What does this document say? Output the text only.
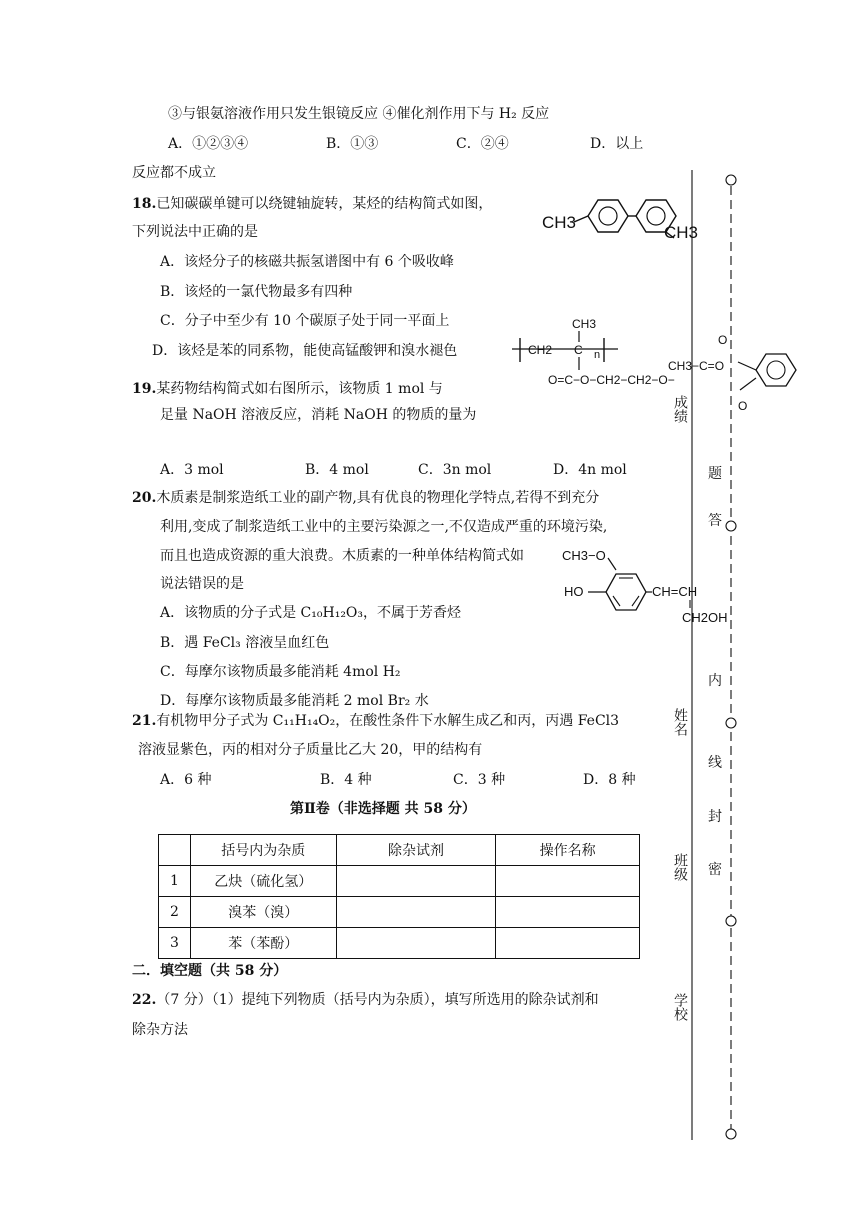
③与银氨溶液作用只发生银镜反应 ④催化剂作用下与 H₂ 反应
A．①②③④	B．①③	C．②④	D．以上
反应都不成立
18.已知碳碳单键可以绕键轴旋转，某烃的结构简式如图，
下列说法中正确的是
A．该烃分子的核磁共振氢谱图中有 6 个吸收峰
B．该烃的一氯代物最多有四种
C．分子中至少有 10 个碳原子处于同一平面上
D．该烃是苯的同系物，能使高锰酸钾和溴水褪色
CH3
CH3
19.某药物结构简式如右图所示，该物质 1 mol 与
足量 NaOH 溶液反应，消耗 NaOH 的物质的量为
A．3 mol	B．4 mol	C．3n mol	D．4n mol
CH3
CH2 C n
O=C−O−CH2−CH2−O−
CH3−C=O
O
O
20.木质素是制浆造纸工业的副产物,具有优良的物理化学特点,若得不到充分
利用,变成了制浆造纸工业中的主要污染源之一,不仅造成严重的环境污染,
而且也造成资源的重大浪费。木质素的一种单体结构简式如
说法错误的是
A．该物质的分子式是 C₁₀H₁₂O₃，不属于芳香烃
B．遇 FeCl₃ 溶液呈血红色
C．每摩尔该物质最多能消耗 4mol H₂
D．每摩尔该物质最多能消耗 2 mol Br₂ 水
CH3−O
HO	CH=CH
CH2OH
21.有机物甲分子式为 C₁₁H₁₄O₂，在酸性条件下水解生成乙和丙，丙遇 FeCl3
溶液显紫色，丙的相对分子质量比乙大 20，甲的结构有
A．6 种	B．4 种	C．3 种	D．8 种
第Ⅱ卷（非选择题 共 58 分）
	括号内为杂质	除杂试剂	操作名称
1	乙炔（硫化氢）		
2	溴苯（溴）		
3	苯（苯酚）		
二．填空题（共 58 分）
22.（7 分）（1）提纯下列物质（括号内为杂质），填写所选用的除杂试剂和
除杂方法
成绩
姓名
班级
学校
答
题
内
线
封
密
